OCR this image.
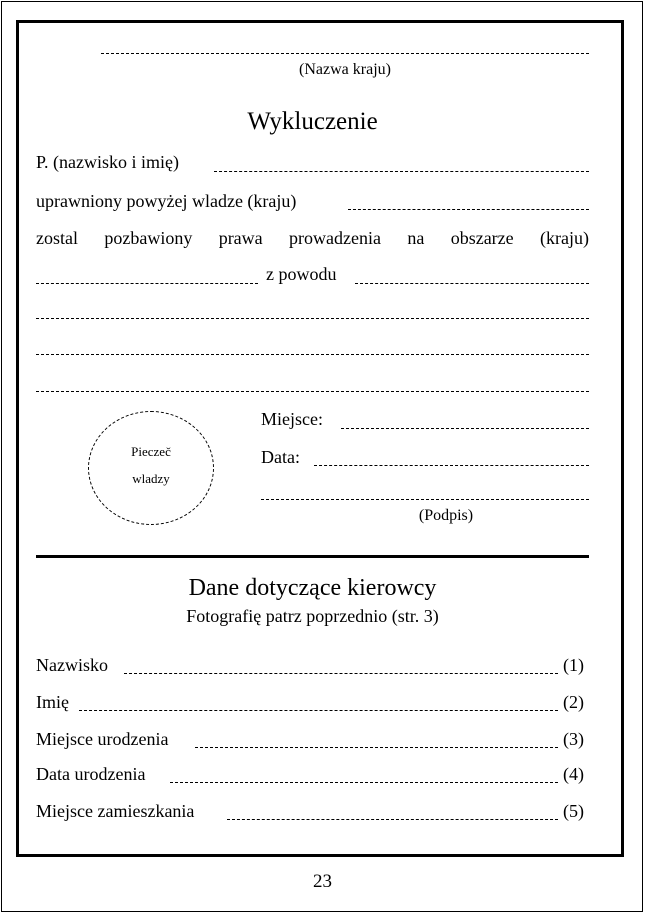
(Nazwa kraju)
Wykluczenie
P. (nazwisko i imię)
uprawniony powyżej wladze (kraju)
zostal pozbawiony prawa prowadzenia na obszarze (kraju)
z powodu
Pieczeč
wladzy
Miejsce:
Data:
(Podpis)
Dane dotyczące kierowcy
Fotografię patrz poprzednio (str. 3)
Nazwisko	(1)
Imię	(2)
Miejsce urodzenia	(3)
Data urodzenia	(4)
Miejsce zamieszkania	(5)
23
